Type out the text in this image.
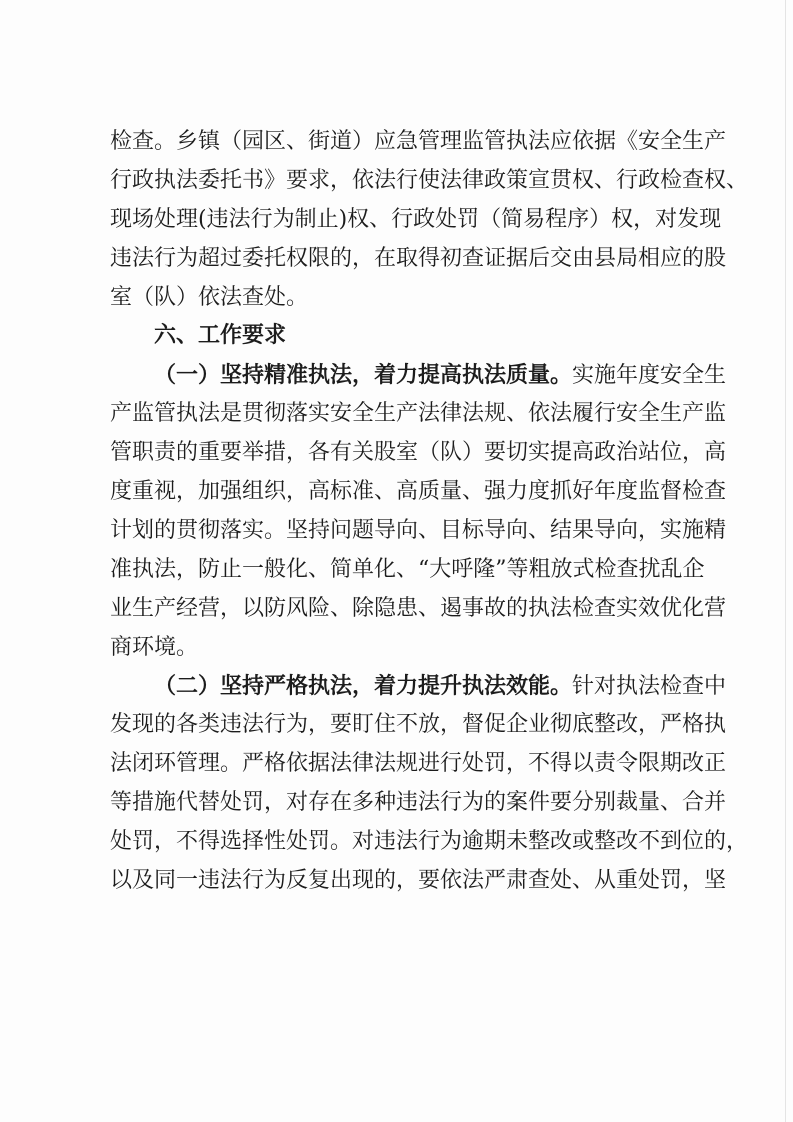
检查。乡镇（园区、街道）应急管理监管执法应依据《安全生产
行政执法委托书》要求，依法行使法律政策宣贯权、行政检查权、
现场处理(违法行为制止)权、行政处罚（简易程序）权，对发现
违法行为超过委托权限的，在取得初查证据后交由县局相应的股
室（队）依法查处。
六、工作要求
（一）坚持精准执法，着力提高执法质量。实施年度安全生
产监管执法是贯彻落实安全生产法律法规、依法履行安全生产监
管职责的重要举措，各有关股室（队）要切实提高政治站位，高
度重视，加强组织，高标准、高质量、强力度抓好年度监督检查
计划的贯彻落实。坚持问题导向、目标导向、结果导向，实施精
准执法，防止一般化、简单化、“大呼隆”等粗放式检查扰乱企
业生产经营，以防风险、除隐患、遏事故的执法检查实效优化营
商环境。
（二）坚持严格执法，着力提升执法效能。针对执法检查中
发现的各类违法行为，要盯住不放，督促企业彻底整改，严格执
法闭环管理。严格依据法律法规进行处罚，不得以责令限期改正
等措施代替处罚，对存在多种违法行为的案件要分别裁量、合并
处罚，不得选择性处罚。对违法行为逾期未整改或整改不到位的，
以及同一违法行为反复出现的，要依法严肃查处、从重处罚，坚
